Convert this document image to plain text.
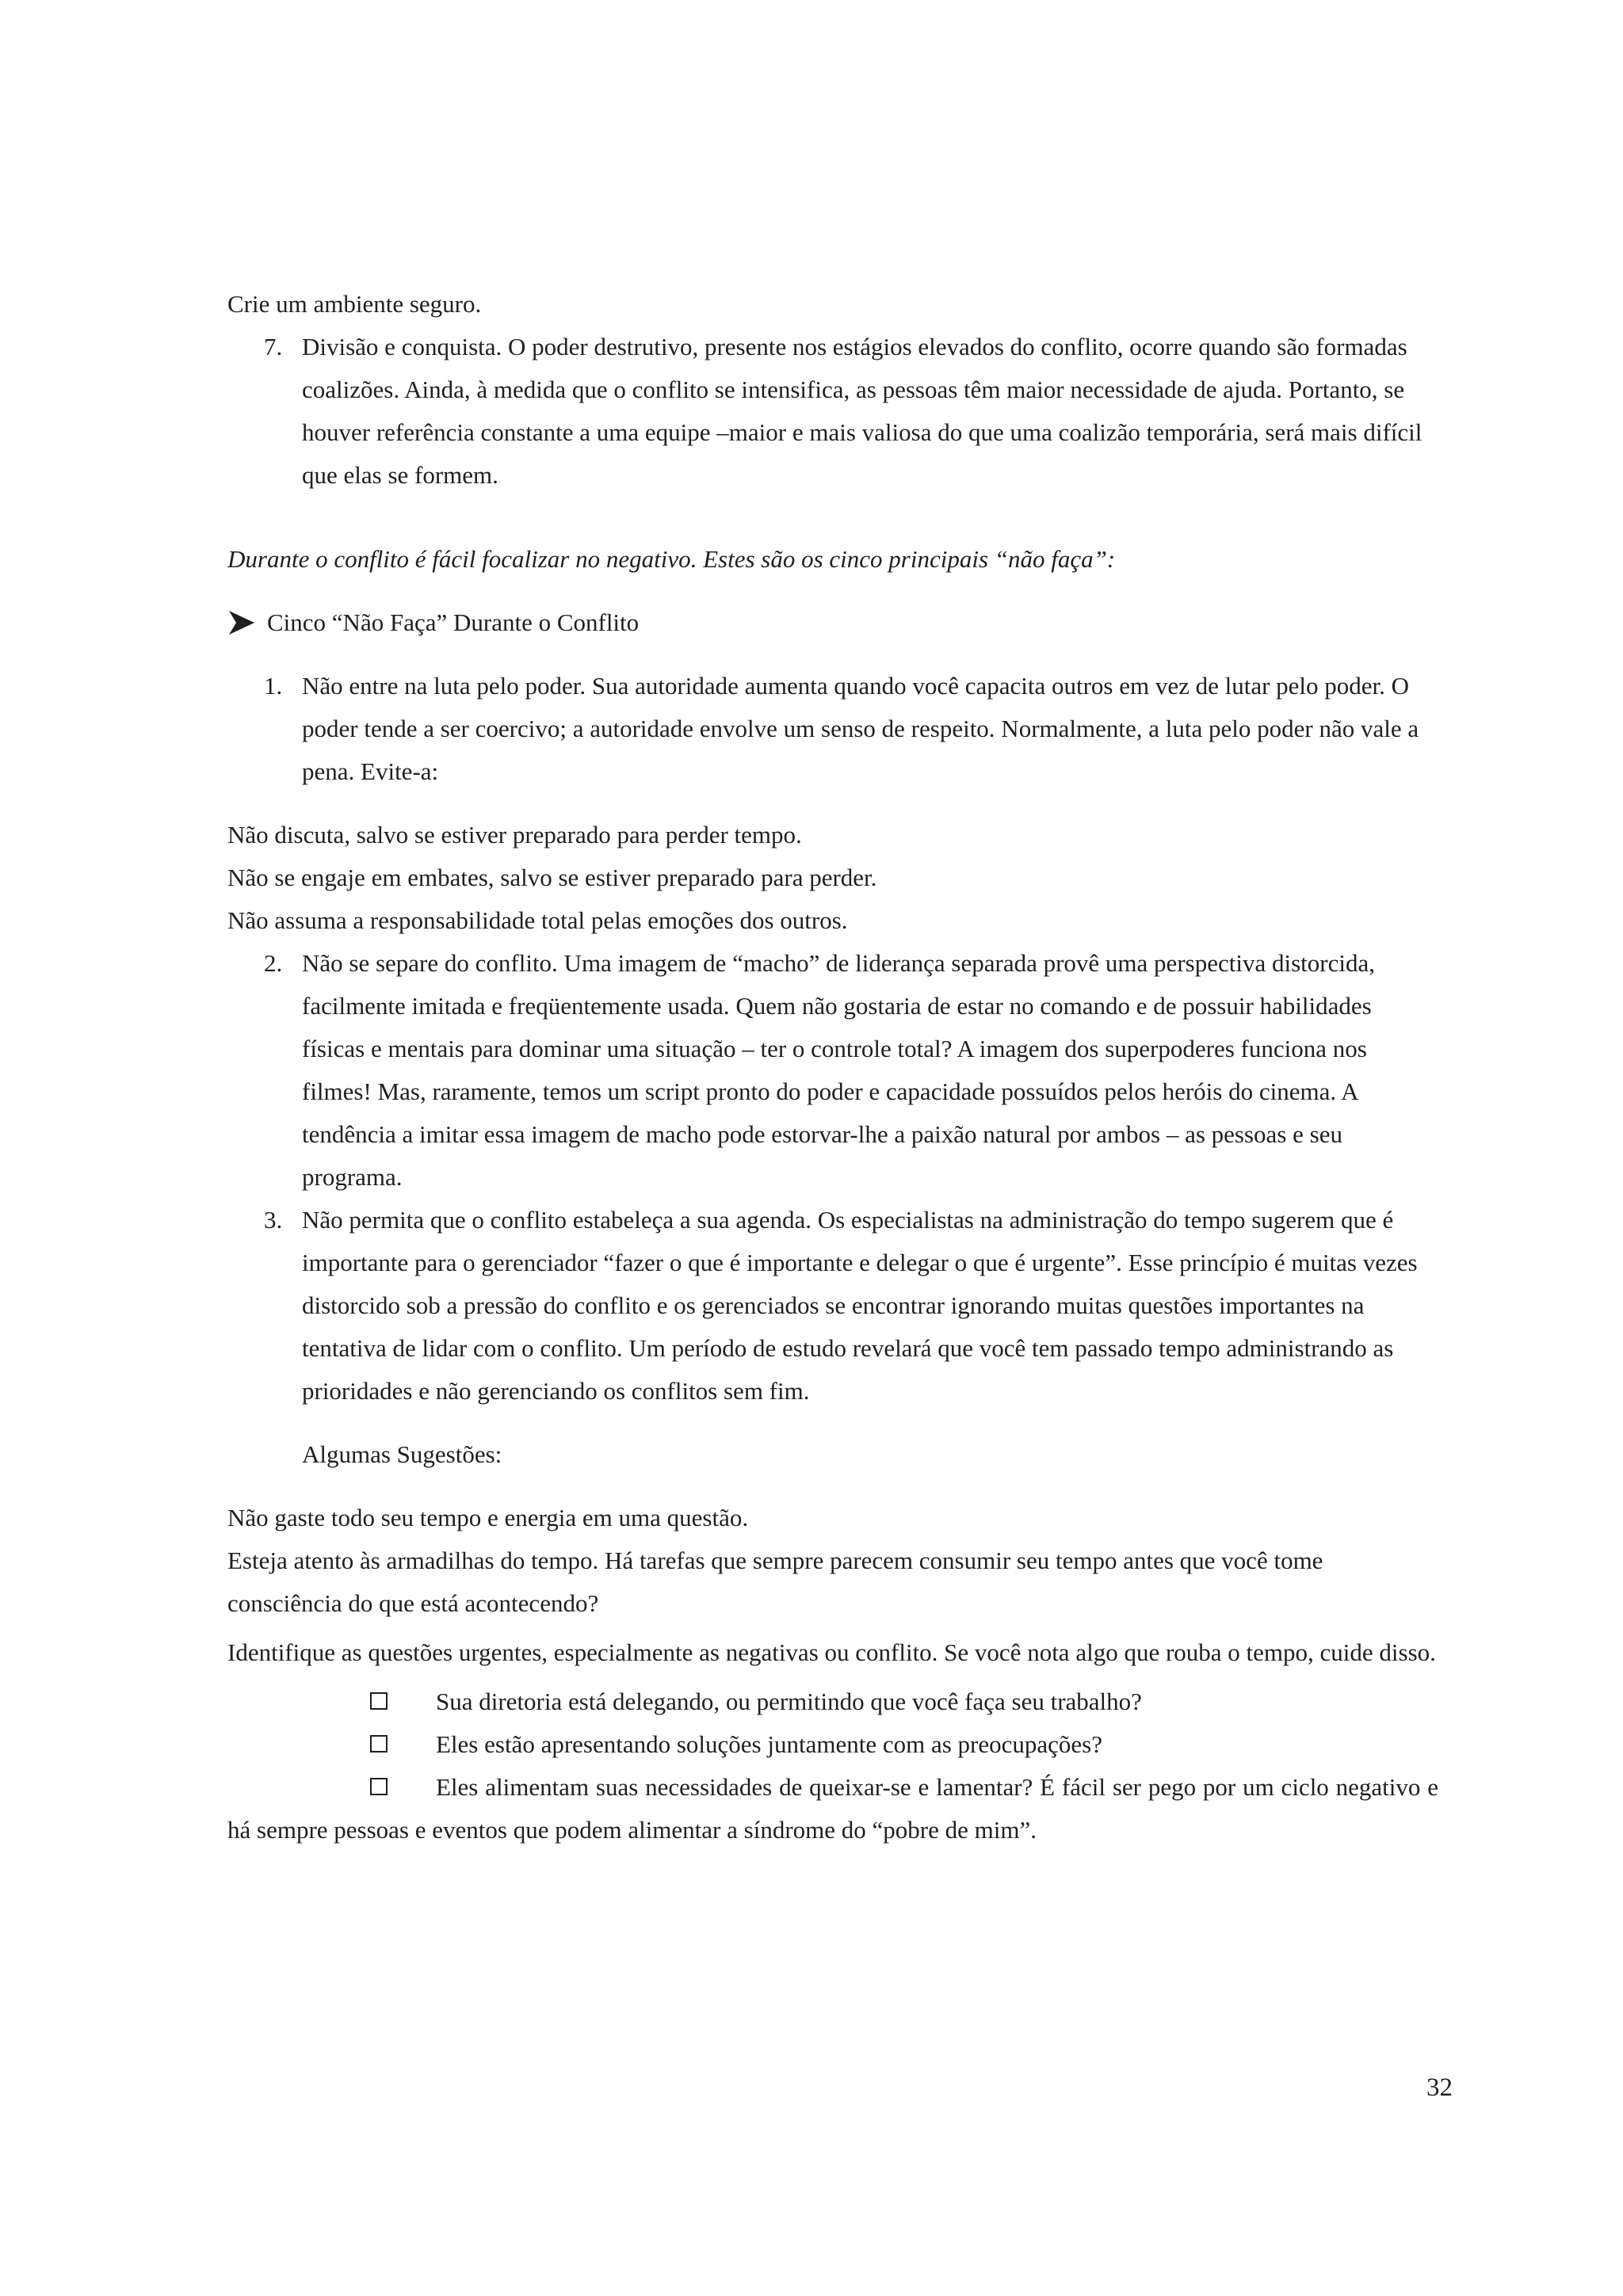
Crie um ambiente seguro.

7. Divisão e conquista. O poder destrutivo, presente nos estágios elevados do conflito, ocorre quando são formadas coalizões. Ainda, à medida que o conflito se intensifica, as pessoas têm maior necessidade de ajuda. Portanto, se houver referência constante a uma equipe –maior e mais valiosa do que uma coalizão temporária, será mais difícil que elas se formem.

Durante o conflito é fácil focalizar no negativo. Estes são os cinco principais “não faça”:

Cinco “Não Faça” Durante o Conflito
1. Não entre na luta pelo poder. Sua autoridade aumenta quando você capacita outros em vez de lutar pelo poder. O poder tende a ser coercivo; a autoridade envolve um senso de respeito. Normalmente, a luta pelo poder não vale a pena. Evite-a:

Não discuta, salvo se estiver preparado para perder tempo.

Não se engaje em embates, salvo se estiver preparado para perder.

Não assuma a responsabilidade total pelas emoções dos outros.

2. Não se separe do conflito. Uma imagem de “macho” de liderança separada provê uma perspectiva distorcida, facilmente imitada e freqüentemente usada. Quem não gostaria de estar no comando e de possuir habilidades físicas e mentais para dominar uma situação – ter o controle total? A imagem dos superpoderes funciona nos filmes! Mas, raramente, temos um script pronto do poder e capacidade possuídos pelos heróis do cinema. A tendência a imitar essa imagem de macho pode estorvar-lhe a paixão natural por ambos – as pessoas e seu programa.
3. Não permita que o conflito estabeleça a sua agenda. Os especialistas na administração do tempo sugerem que é importante para o gerenciador “fazer o que é importante e delegar o que é urgente”. Esse princípio é muitas vezes distorcido sob a pressão do conflito e os gerenciados se encontrar ignorando muitas questões importantes na tentativa de lidar com o conflito. Um período de estudo revelará que você tem passado tempo administrando as prioridades e não gerenciando os conflitos sem fim.

Algumas Sugestões:

Não gaste todo seu tempo e energia em uma questão.

Esteja atento às armadilhas do tempo. Há tarefas que sempre parecem consumir seu tempo antes que você tome consciência do que está acontecendo?

Identifique as questões urgentes, especialmente as negativas ou conflito. Se você nota algo que rouba o tempo, cuide disso.

Sua diretoria está delegando, ou permitindo que você faça seu trabalho?
Eles estão apresentando soluções juntamente com as preocupações?
Eles alimentam suas necessidades de queixar-se e lamentar? É fácil ser pego por um ciclo negativo e há sempre pessoas e eventos que podem alimentar a síndrome do “pobre de mim”.
32
